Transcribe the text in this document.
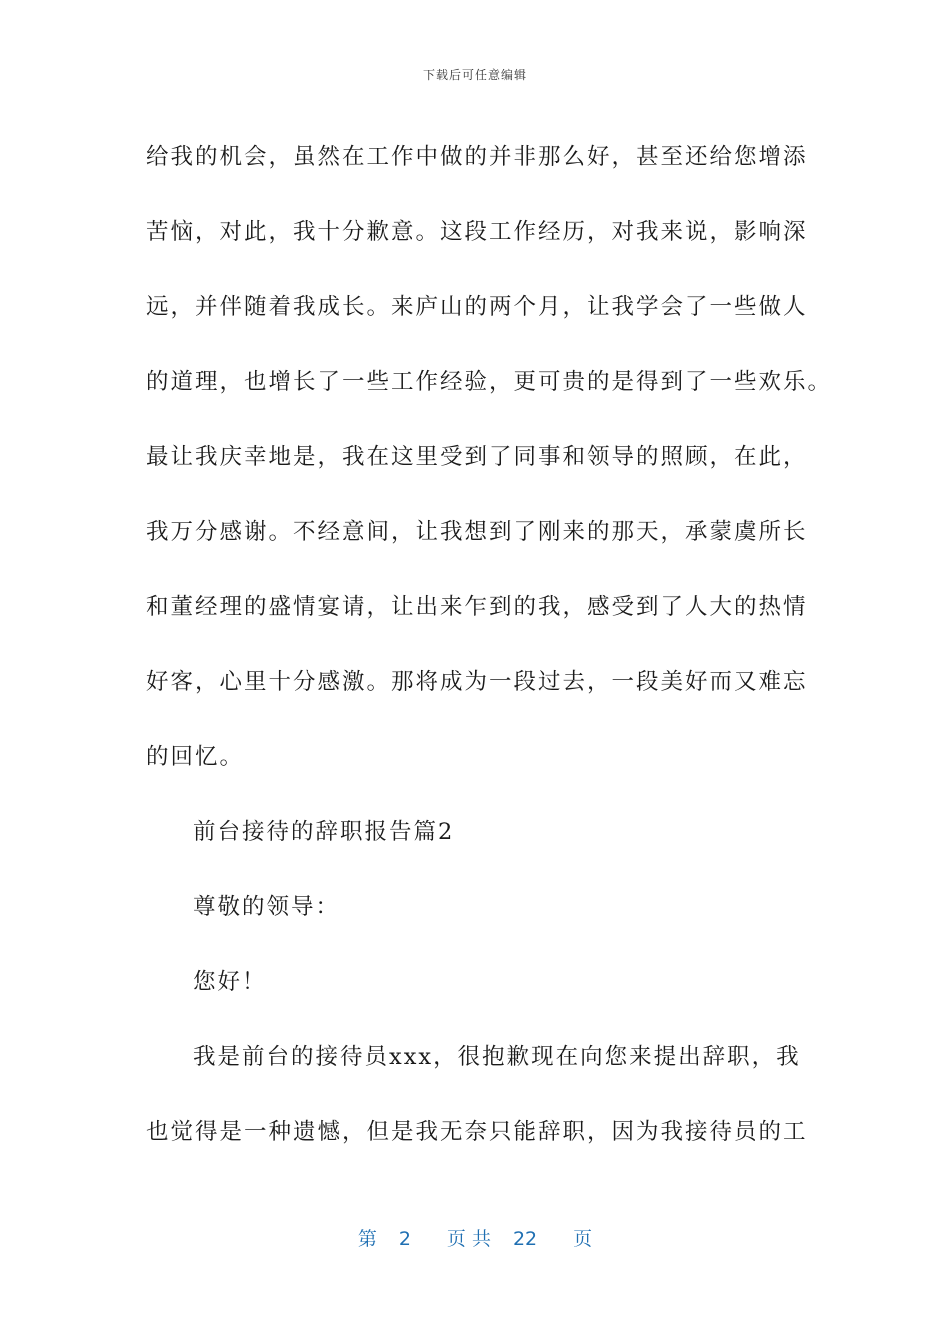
下载后可任意编辑
给我的机会，虽然在工作中做的并非那么好，甚至还给您增添
苦恼，对此，我十分歉意。这段工作经历，对我来说，影响深
远，并伴随着我成长。来庐山的两个月，让我学会了一些做人
的道理，也增长了一些工作经验，更可贵的是得到了一些欢乐。
最让我庆幸地是，我在这里受到了同事和领导的照顾，在此，
我万分感谢。不经意间，让我想到了刚来的那天，承蒙虞所长
和董经理的盛情宴请，让出来乍到的我，感受到了人大的热情
好客，心里十分感激。那将成为一段过去，一段美好而又难忘
的回忆。
前台接待的辞职报告篇2
尊敬的领导：
您好！
我是前台的接待员xxx，很抱歉现在向您来提出辞职，我
也觉得是一种遗憾，但是我无奈只能辞职，因为我接待员的工
第 2 页 共 22 页
